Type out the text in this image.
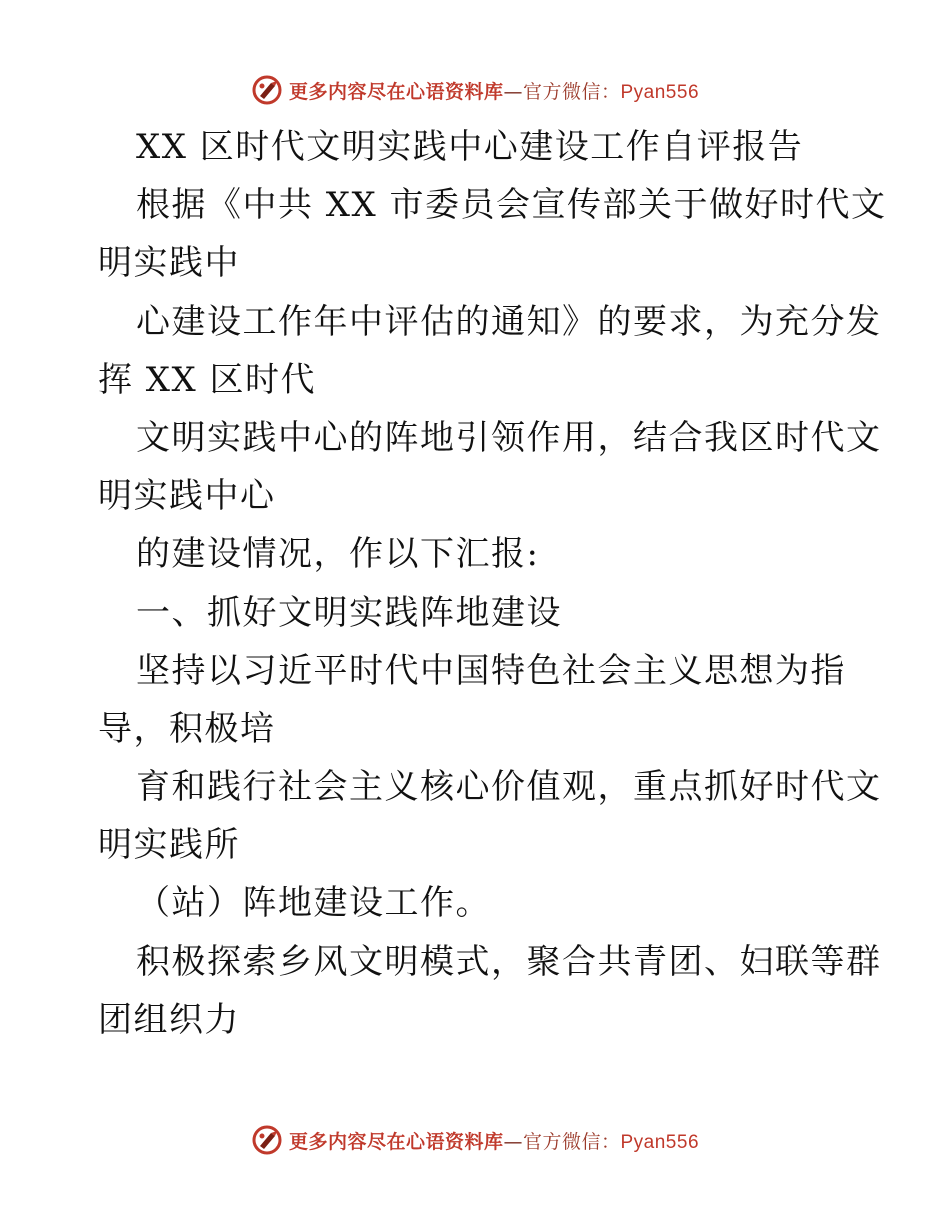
更多内容尽在心语资料库—官方微信：Pyan556
XX 区时代文明实践中心建设工作自评报告
根据《中共 XX 市委员会宣传部关于做好时代文
明实践中
心建设工作年中评估的通知》的要求，为充分发
挥 XX 区时代
文明实践中心的阵地引领作用，结合我区时代文
明实践中心
的建设情况，作以下汇报:
一、抓好文明实践阵地建设
坚持以习近平时代中国特色社会主义思想为指
导，积极培
育和践行社会主义核心价值观，重点抓好时代文
明实践所
（站）阵地建设工作。
积极探索乡风文明模式，聚合共青团、妇联等群
团组织力
更多内容尽在心语资料库—官方微信：Pyan556
